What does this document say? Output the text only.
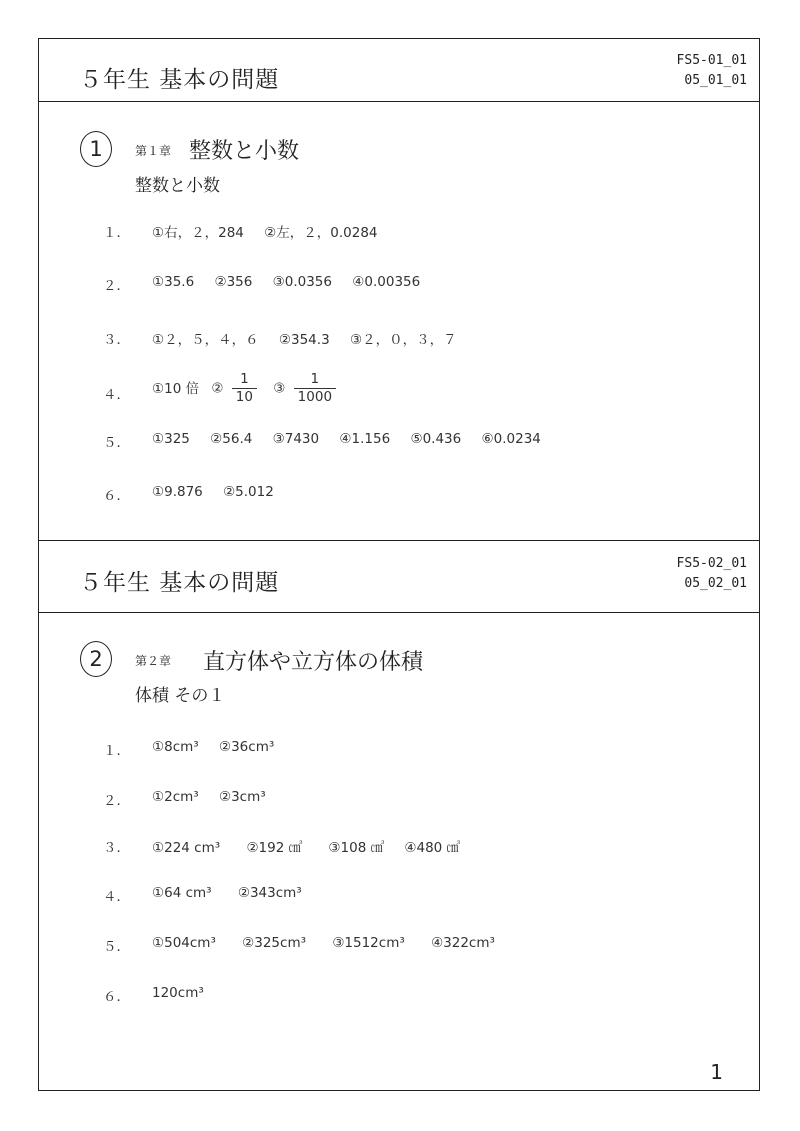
５年生 基本の問題
FS5-01_01
05_01_01
1	第１章 整数と小数
整数と小数
１．	①右，２，284 ②左，２，0.0284
２．	①35.6 ②356 ③0.0356 ④0.00356
３．	①２，５，４，６ ②354.3 ③２，０，３，７
４．	①10 倍 ② $\frac{1}{10}$ ③ $\frac{1}{1000}$
５．	①325 ②56.4 ③7430 ④1.156 ⑤0.436 ⑥0.0234
６．	①9.876 ②5.012
５年生 基本の問題
FS5-02_01
05_02_01
2	第２章 直方体や立方体の体積
体積 その１
１．	①8cm³ ②36cm³
２．	①2cm³ ②3cm³
３．	①224 cm³ ②192 ㎤ ③108 ㎤ ④480 ㎤
４．	①64 cm³ ②343cm³
５．	①504cm³ ②325cm³ ③1512cm³ ④322cm³
６．	120cm³
1
